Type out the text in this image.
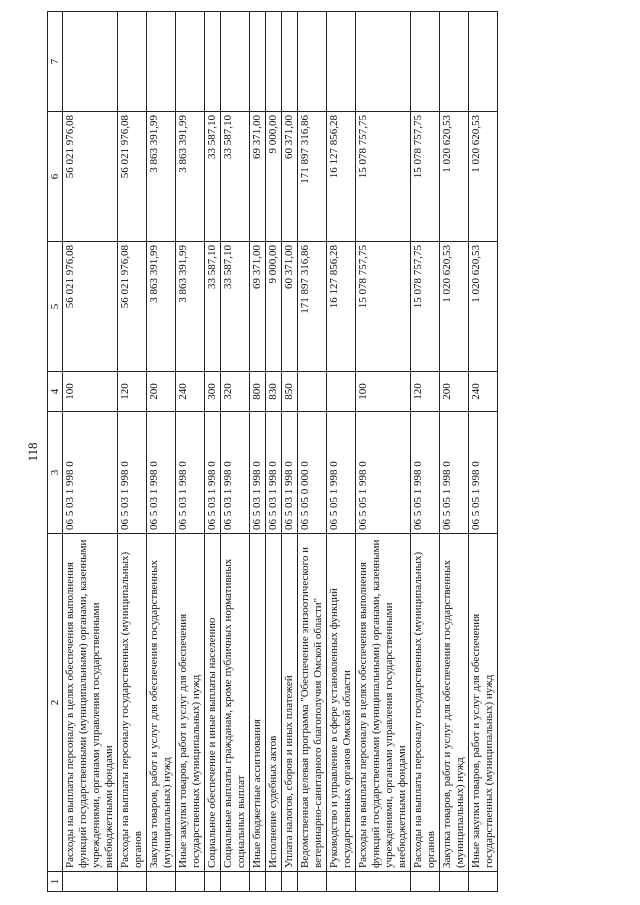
118
1	2	3	4	5	6	7
	Расходы на выплаты персоналу в целях обеспечения выполнения функций государственными (муниципальными) органами, казенными учреждениями, органами управления государственными внебюджетными фондами	06 5 03 1 998 0	100	56 021 976,08	56 021 976,08	
	Расходы на выплаты персоналу государственных (муниципальных) органов	06 5 03 1 998 0	120	56 021 976,08	56 021 976,08	
	Закупка товаров, работ и услуг для обеспечения государственных (муниципальных) нужд	06 5 03 1 998 0	200	3 863 391,99	3 863 391,99	
	Иные закупки товаров, работ и услуг для обеспечения государственных (муниципальных) нужд	06 5 03 1 998 0	240	3 863 391,99	3 863 391,99	
	Социальное обеспечение и иные выплаты населению	06 5 03 1 998 0	300	33 587,10	33 587,10	
	Социальные выплаты гражданам, кроме публичных нормативных социальных выплат	06 5 03 1 998 0	320	33 587,10	33 587,10	
	Иные бюджетные ассигнования	06 5 03 1 998 0	800	69 371,00	69 371,00	
	Исполнение судебных актов	06 5 03 1 998 0	830	9 000,00	9 000,00	
	Уплата налогов, сборов и иных платежей	06 5 03 1 998 0	850	60 371,00	60 371,00	
	Ведомственная целевая программа "Обеспечение эпизоотического и ветеринарно-санитарного благополучия Омской области"	06 5 05 0 000 0		171 897 316,86	171 897 316,86	
	Руководство и управление в сфере установленных функций государственных органов Омской области	06 5 05 1 998 0		16 127 856,28	16 127 856,28	
	Расходы на выплаты персоналу в целях обеспечения выполнения функций государственными (муниципальными) органами, казенными учреждениями, органами управления государственными внебюджетными фондами	06 5 05 1 998 0	100	15 078 757,75	15 078 757,75	
	Расходы на выплаты персоналу государственных (муниципальных) органов	06 5 05 1 998 0	120	15 078 757,75	15 078 757,75	
	Закупка товаров, работ и услуг для обеспечения государственных (муниципальных) нужд	06 5 05 1 998 0	200	1 020 620,53	1 020 620,53	
	Иные закупки товаров, работ и услуг для обеспечения государственных (муниципальных) нужд	06 5 05 1 998 0	240	1 020 620,53	1 020 620,53	
